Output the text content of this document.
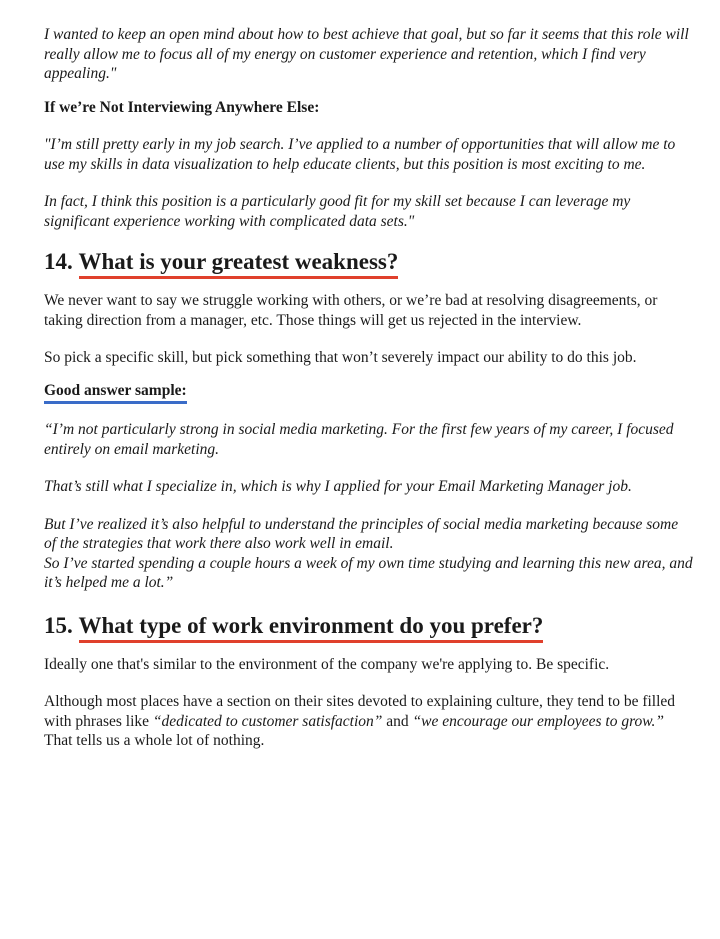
I wanted to keep an open mind about how to best achieve that goal, but so far it seems that this role will really allow me to focus all of my energy on customer experience and retention, which I find very appealing."

If we’re Not Interviewing Anywhere Else:

"I’m still pretty early in my job search. I’ve applied to a number of opportunities that will allow me to use my skills in data visualization to help educate clients, but this position is most exciting to me.

In fact, I think this position is a particularly good fit for my skill set because I can leverage my significant experience working with complicated data sets."

14. What is your greatest weakness?

We never want to say we struggle working with others, or we’re bad at resolving disagreements, or taking direction from a manager, etc. Those things will get us rejected in the interview.

So pick a specific skill, but pick something that won’t severely impact our ability to do this job.

Good answer sample:

“I’m not particularly strong in social media marketing. For the first few years of my career, I focused entirely on email marketing.

That’s still what I specialize in, which is why I applied for your Email Marketing Manager job.

But I’ve realized it’s also helpful to understand the principles of social media marketing because some of the strategies that work there also work well in email.

So I’ve started spending a couple hours a week of my own time studying and learning this new area, and it’s helped me a lot.”

15. What type of work environment do you prefer?

Ideally one that's similar to the environment of the company we're applying to. Be specific.

Although most places have a section on their sites devoted to explaining culture, they tend to be filled with phrases like “dedicated to customer satisfaction” and “we encourage our employees to grow.” That tells us a whole lot of nothing.
